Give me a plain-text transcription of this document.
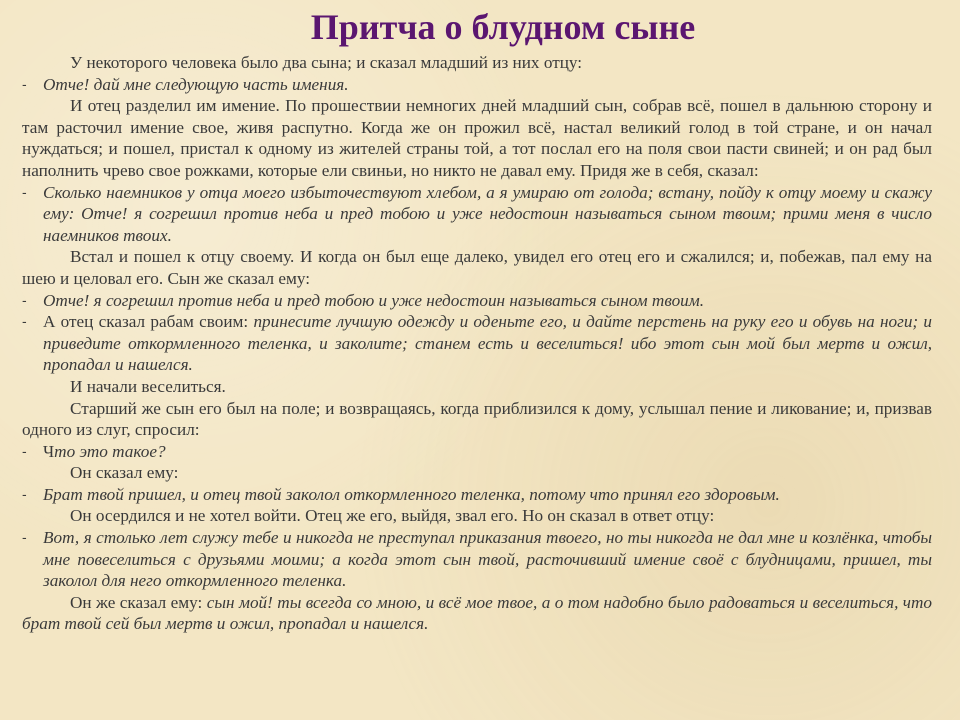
Притча о блудном сыне

У некоторого человека было два сына; и сказал младший из них отцу:

- Отче! дай мне следующую часть имения.

И отец разделил им имение. По прошествии немногих дней младший сын, собрав всё, пошел в дальнюю сторону и там расточил имение свое, живя распутно. Когда же он прожил всё, настал великий голод в той стране, и он начал нуждаться; и пошел, пристал к одному из жителей страны той, а тот послал его на поля свои пасти свиней; и он рад был наполнить чрево свое рожками, которые ели свиньи, но никто не давал ему. Придя же в себя, сказал:

- Сколько наемников у отца моего избыточествуют хлебом, а я умираю от голода; встану, пойду к отцу моему и скажу ему: Отче! я согрешил против неба и пред тобою и уже недостоин называться сыном твоим; прими меня в число наемников твоих.

Встал и пошел к отцу своему. И когда он был еще далеко, увидел его отец его и сжалился; и, побежав, пал ему на шею и целовал его. Сын же сказал ему:

- Отче! я согрешил против неба и пред тобою и уже недостоин называться сыном твоим.
- А отец сказал рабам своим: принесите лучшую одежду и оденьте его, и дайте перстень на руку его и обувь на ноги; и приведите откормленного теленка, и заколите; станем есть и веселиться! ибо этот сын мой был мертв и ожил, пропадал и нашелся.

И начали веселиться.

Старший же сын его был на поле; и возвращаясь, когда приблизился к дому, услышал пение и ликование; и, призвав одного из слуг, спросил:

- Что это такое?

Он сказал ему:

- Брат твой пришел, и отец твой заколол откормленного теленка, потому что принял его здоровым.

Он осердился и не хотел войти. Отец же его, выйдя, звал его. Но он сказал в ответ отцу:

- Вот, я столько лет служу тебе и никогда не преступал приказания твоего, но ты никогда не дал мне и козлёнка, чтобы мне повеселиться с друзьями моими; а когда этот сын твой, расточивший имение своё с блудницами, пришел, ты заколол для него откормленного теленка.

Он же сказал ему: сын мой! ты всегда со мною, и всё мое твое, а о том надобно было радоваться и веселиться, что брат твой сей был мертв и ожил, пропадал и нашелся.
